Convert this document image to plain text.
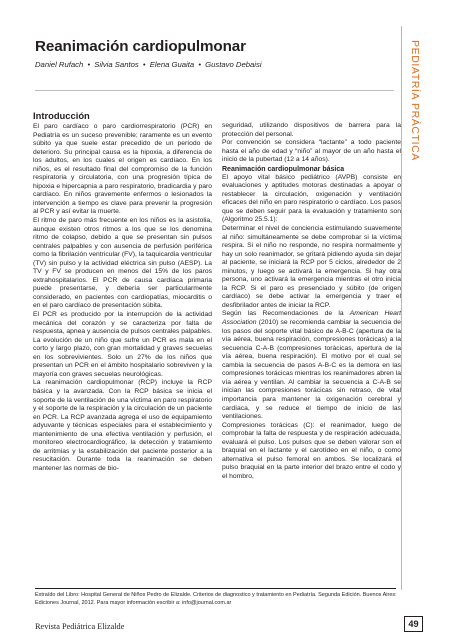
PEDIATRÍA PRÁCTICA
Reanimación cardiopulmonar
Daniel Rufach • Silvia Santos • Elena Guaita • Gustavo Debaisi
Introducción

El paro cardíaco o paro cardiorrespiratorio (PCR) en Pediatría es un suceso prevenible; raramente es un evento súbito ya que suele estar precedido de un período de deterioro. Su principal causa es la hipoxia, a diferencia de los adultos, en los cuales el origen es cardíaco. En los niños, es el resultado final del compromiso de la función respiratoria y circulatoria, con una progresión típica de hipoxia e hipercapnia a paro respiratorio, bradicardia y paro cardíaco. En niños gravemente enfermos o lesionados la intervención a tiempo es clave para prevenir la progresión al PCR y así evitar la muerte.

El ritmo de paro más frecuente en los niños es la asistolia, aunque existen otros ritmos a los que se los denomina ritmo de colapso, debido a que se presentan sin pulsos centrales palpables y con ausencia de perfusión periférica como la fibrilación ventricular (FV), la taquicardia ventricular (TV) sin pulso y la actividad eléctrica sin pulso (AESP). La TV y FV se producen en menos del 15% de los paros extrahospitalarios. El PCR de causa cardíaca primaria puede presentarse, y debería ser particularmente considerado, en pacientes con cardiopatías, miocarditis o en el paro cardíaco de presentación súbita.

El PCR es producido por la interrupción de la actividad mecánica del corazón y se caracteriza por falta de respuesta, apnea y ausencia de pulsos centrales palpables. La evolución de un niño que sufre un PCR es mala en el corto y largo plazo, con gran mortalidad y graves secuelas en los sobrevivientes. Solo un 27% de los niños que presentan un PCR en el ámbito hospitalario sobreviven y la mayoría con graves secuelas neurológicas.

La reanimación cardiopulmonar (RCP) incluye la RCP básica y la avanzada. Con la RCP básica se inicia el soporte de la ventilación de una víctima en paro respiratorio y el soporte de la respiración y la circulación de un paciente en PCR. La RCP avanzada agrega el uso de equipamiento adyuvante y técnicas especiales para el establecimiento y mantenimiento de una efectiva ventilación y perfusión, el monitoreo electrocardiográfico, la detección y tratamiento de arritmias y la estabilización del paciente posterior a la resucitación. Durante toda la reanimación se deben mantener las normas de bio-

seguridad, utilizando dispositivos de barrera para la protección del personal.

Por convención se considera “lactante” a todo paciente hasta el año de edad y “niño” al mayor de un año hasta el inicio de la pubertad (12 a 14 años).

Reanimación cardiopulmonar básica

El apoyo vital básico pediátrico (AVPB) consiste en evaluaciones y aptitudes motoras destinadas a apoyar o restablecer la circulación, oxigenación y ventilación eficaces del niño en paro respiratorio o cardíaco. Los pasos que se deben seguir para la evaluación y tratamiento son (Algoritmo 25.5.1):

Determinar el nivel de conciencia estimulando suavemente al niño: simultáneamente se debe comprobar si la víctima respira. Si el niño no responde, no respira normalmente y hay un solo reanimador, se gritará pidiendo ayuda sin dejar al paciente, se iniciará la RCP por 5 ciclos, alrededor de 2 minutos, y luego se activará la emergencia. Si hay otra persona, uno activará la emergencia mientras el otro inicia la RCP. Si el paro es presenciado y súbito (de origen cardíaco) se debe activar la emergencia y traer el desfibrilador antes de iniciar la RCP.

Según las Recomendaciones de la American Heart Association (2010) se recomienda cambiar la secuencia de los pasos del soporte vital básico de A-B-C (apertura de la vía aérea, buena respiración, compresiones torácicas) a la secuencia C-A-B (compresiones torácicas, apertura de la vía aérea, buena respiración). El motivo por el cual se cambia la secuencia de pasos A-B-C es la demora en las compresiones torácicas mientras los reanimadores abren la vía aérea y ventilan. Al cambiar la secuencia a C-A-B se inician las compresiones torácicas sin retraso, de vital importancia para mantener la oxigenación cerebral y cardíaca, y se reduce el tiempo de inicio de las ventilaciones.

Compresiones torácicas (C): el reanimador, luego de comprobar la falta de respuesta y de respiración adecuada, evaluará el pulso. Los pulsos que se deben valorar son el braquial en el lactante y el carotídeo en el niño, o como alternativa el pulso femoral en ambos. Se localizará el pulso braquial en la parte interior del brazo entre el codo y el hombro,

Extraído del Libro: Hospital General de Niños Pedro de Elizalde. Criterios de diagnostico y tratamiento en Pediatría. Segunda Edición. Buenos Aires: Ediciones Journal, 2012. Para mayor información escribir a: info@journal.com.ar
Revista Pediátrica Elizalde	49
